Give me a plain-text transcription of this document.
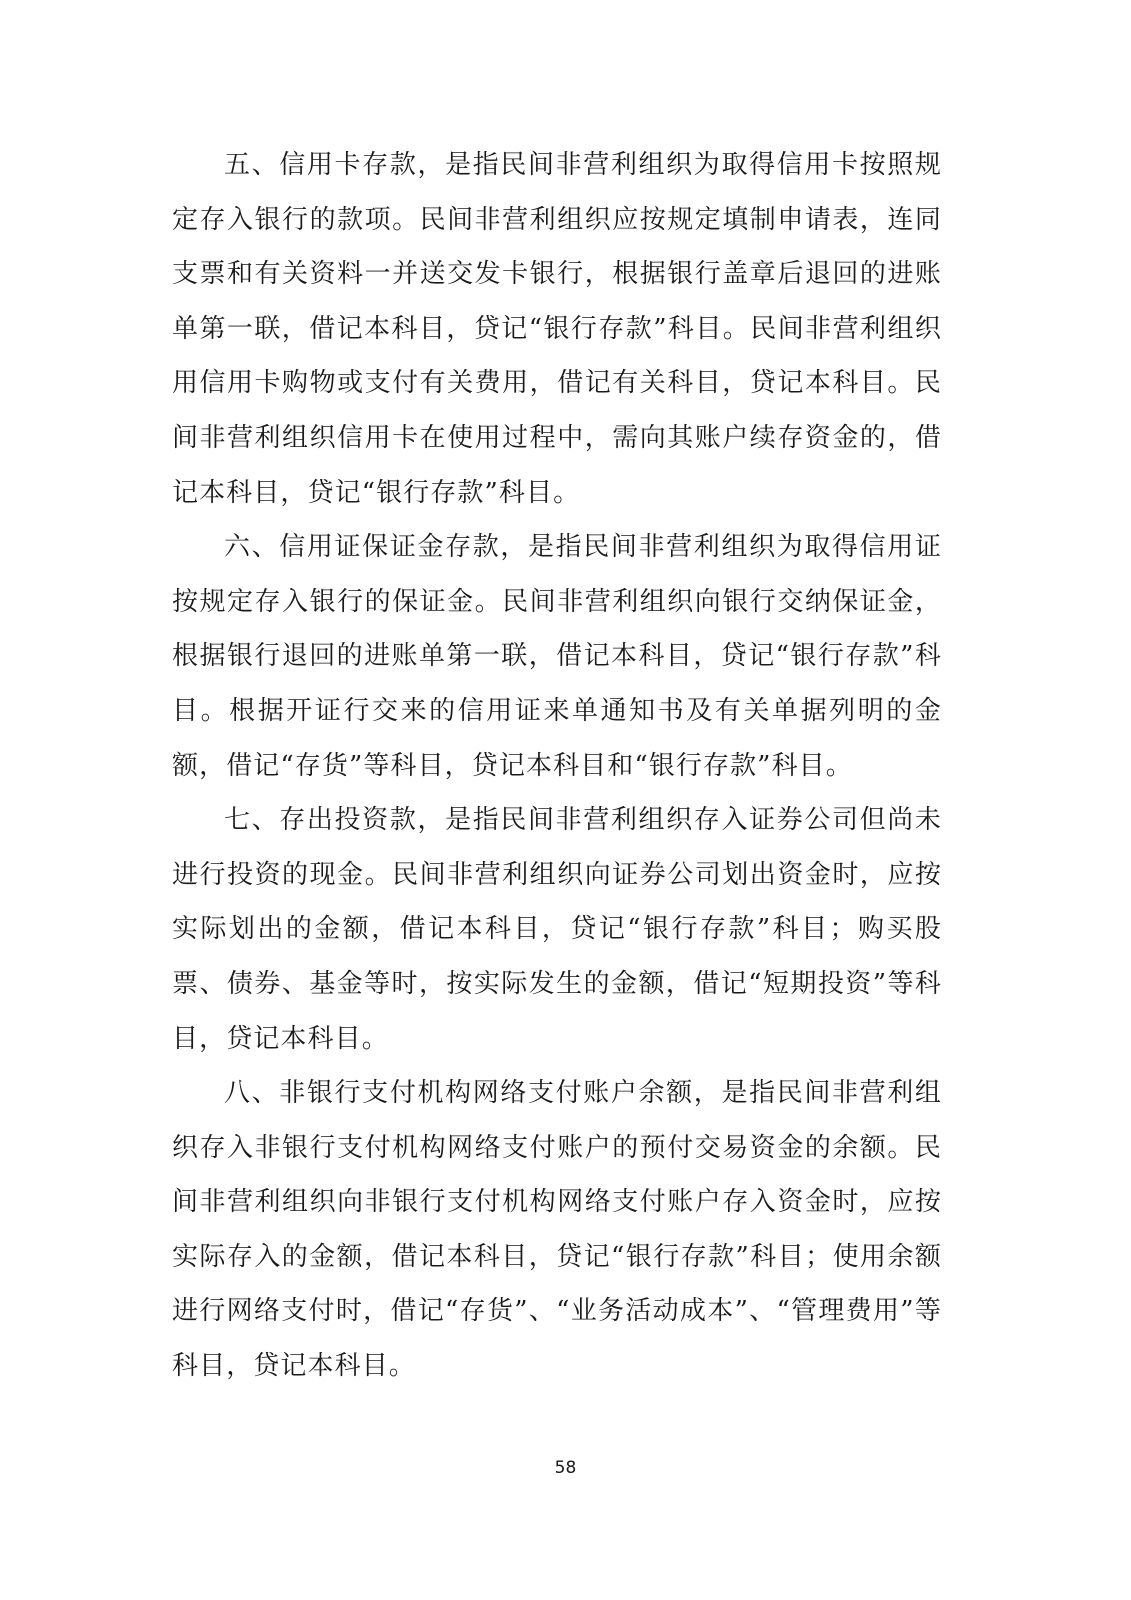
五、信用卡存款，是指民间非营利组织为取得信用卡按照规定存入银行的款项。民间非营利组织应按规定填制申请表，连同支票和有关资料一并送交发卡银行，根据银行盖章后退回的进账单第一联，借记本科目，贷记“银行存款”科目。民间非营利组织用信用卡购物或支付有关费用，借记有关科目，贷记本科目。民间非营利组织信用卡在使用过程中，需向其账户续存资金的，借记本科目，贷记“银行存款”科目。

六、信用证保证金存款，是指民间非营利组织为取得信用证按规定存入银行的保证金。民间非营利组织向银行交纳保证金，根据银行退回的进账单第一联，借记本科目，贷记“银行存款”科目。根据开证行交来的信用证来单通知书及有关单据列明的金额，借记“存货”等科目，贷记本科目和“银行存款”科目。

七、存出投资款，是指民间非营利组织存入证券公司但尚未进行投资的现金。民间非营利组织向证券公司划出资金时，应按实际划出的金额，借记本科目，贷记“银行存款”科目；购买股票、债券、基金等时，按实际发生的金额，借记“短期投资”等科目，贷记本科目。

八、非银行支付机构网络支付账户余额，是指民间非营利组织存入非银行支付机构网络支付账户的预付交易资金的余额。民间非营利组织向非银行支付机构网络支付账户存入资金时，应按实际存入的金额，借记本科目，贷记“银行存款”科目；使用余额进行网络支付时，借记“存货”、“业务活动成本”、“管理费用”等科目，贷记本科目。

58
